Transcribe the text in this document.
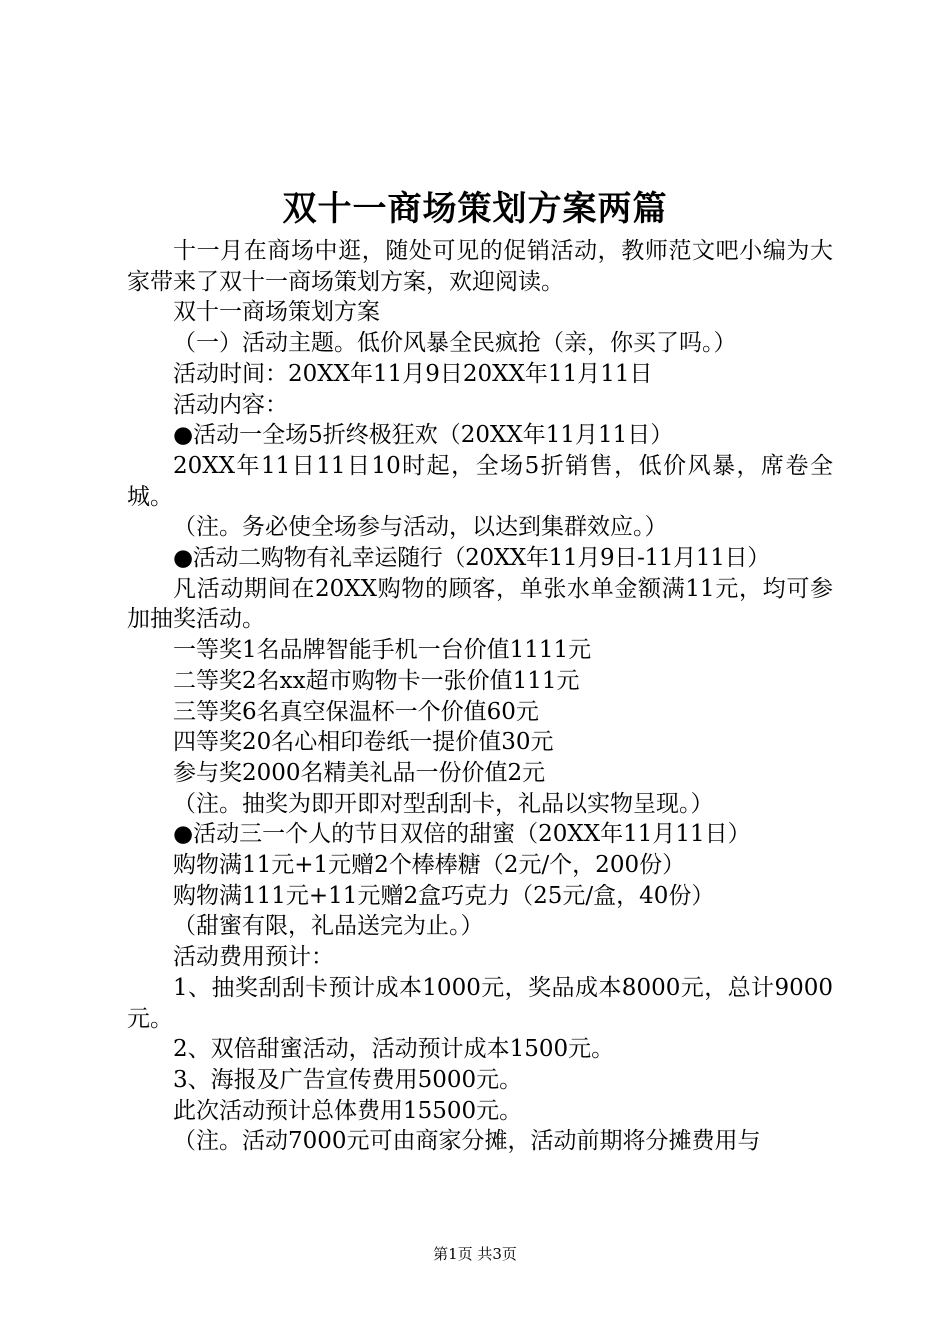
双十一商场策划方案两篇

十一月在商场中逛，随处可见的促销活动，教师范文吧小编为大家带来了双十一商场策划方案，欢迎阅读。

双十一商场策划方案

（一）活动主题。低价风暴全民疯抢（亲，你买了吗。）

活动时间：20XX年11月9日20XX年11月11日

活动内容：

●活动一全场5折终极狂欢（20XX年11月11日）

20XX年11日11日10时起，全场5折销售，低价风暴，席卷全城。

（注。务必使全场参与活动，以达到集群效应。）

●活动二购物有礼幸运随行（20XX年11月9日-11月11日）

凡活动期间在20XX购物的顾客，单张水单金额满11元，均可参加抽奖活动。

一等奖1名品牌智能手机一台价值1111元

二等奖2名xx超市购物卡一张价值111元

三等奖6名真空保温杯一个价值60元

四等奖20名心相印卷纸一提价值30元

参与奖2000名精美礼品一份价值2元

（注。抽奖为即开即对型刮刮卡，礼品以实物呈现。）

●活动三一个人的节日双倍的甜蜜（20XX年11月11日）

购物满11元+1元赠2个棒棒糖（2元/个，200份）

购物满111元+11元赠2盒巧克力（25元/盒，40份）

（甜蜜有限，礼品送完为止。）

活动费用预计：

1、抽奖刮刮卡预计成本1000元，奖品成本8000元，总计9000元。

2、双倍甜蜜活动，活动预计成本1500元。

3、海报及广告宣传费用5000元。

此次活动预计总体费用15500元。

（注。活动7000元可由商家分摊，活动前期将分摊费用与

第1页 共3页
